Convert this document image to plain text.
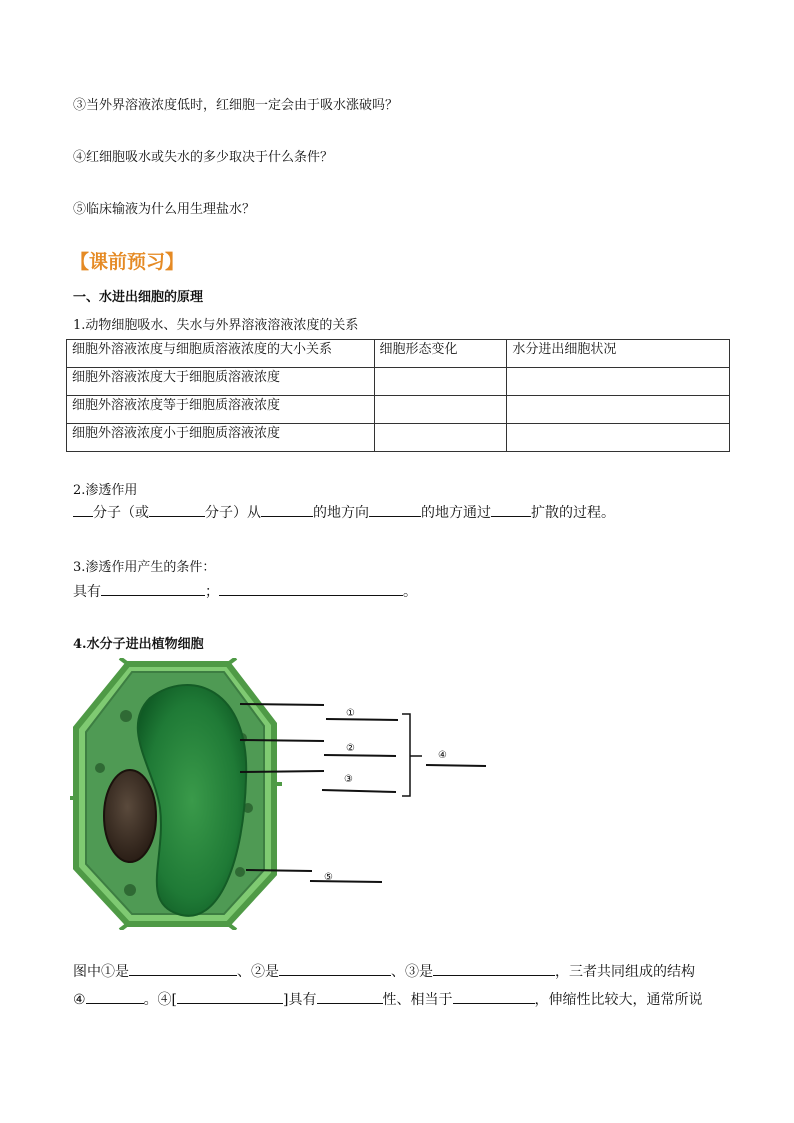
③当外界溶液浓度低时，红细胞一定会由于吸水涨破吗？
④红细胞吸水或失水的多少取决于什么条件？
⑤临床输液为什么用生理盐水？
【课前预习】
一、水进出细胞的原理
1.动物细胞吸水、失水与外界溶液溶液浓度的关系
细胞外溶液浓度与细胞质溶液浓度的大小关系	细胞形态变化	水分进出细胞状况
细胞外溶液浓度大于细胞质溶液浓度		
细胞外溶液浓度等于细胞质溶液浓度		
细胞外溶液浓度小于细胞质溶液浓度		
2.渗透作用
分子（或	分子）从	的地方向	的地方通过	扩散的过程。
3.渗透作用产生的条件：
具有	；	。
4.水分子进出植物细胞
①
②
③
④
⑤
图中①是	、②是	、③是	，三者共同组成的结构
④	。④[	]具有	性、相当于	，伸缩性比较大，通常所说
